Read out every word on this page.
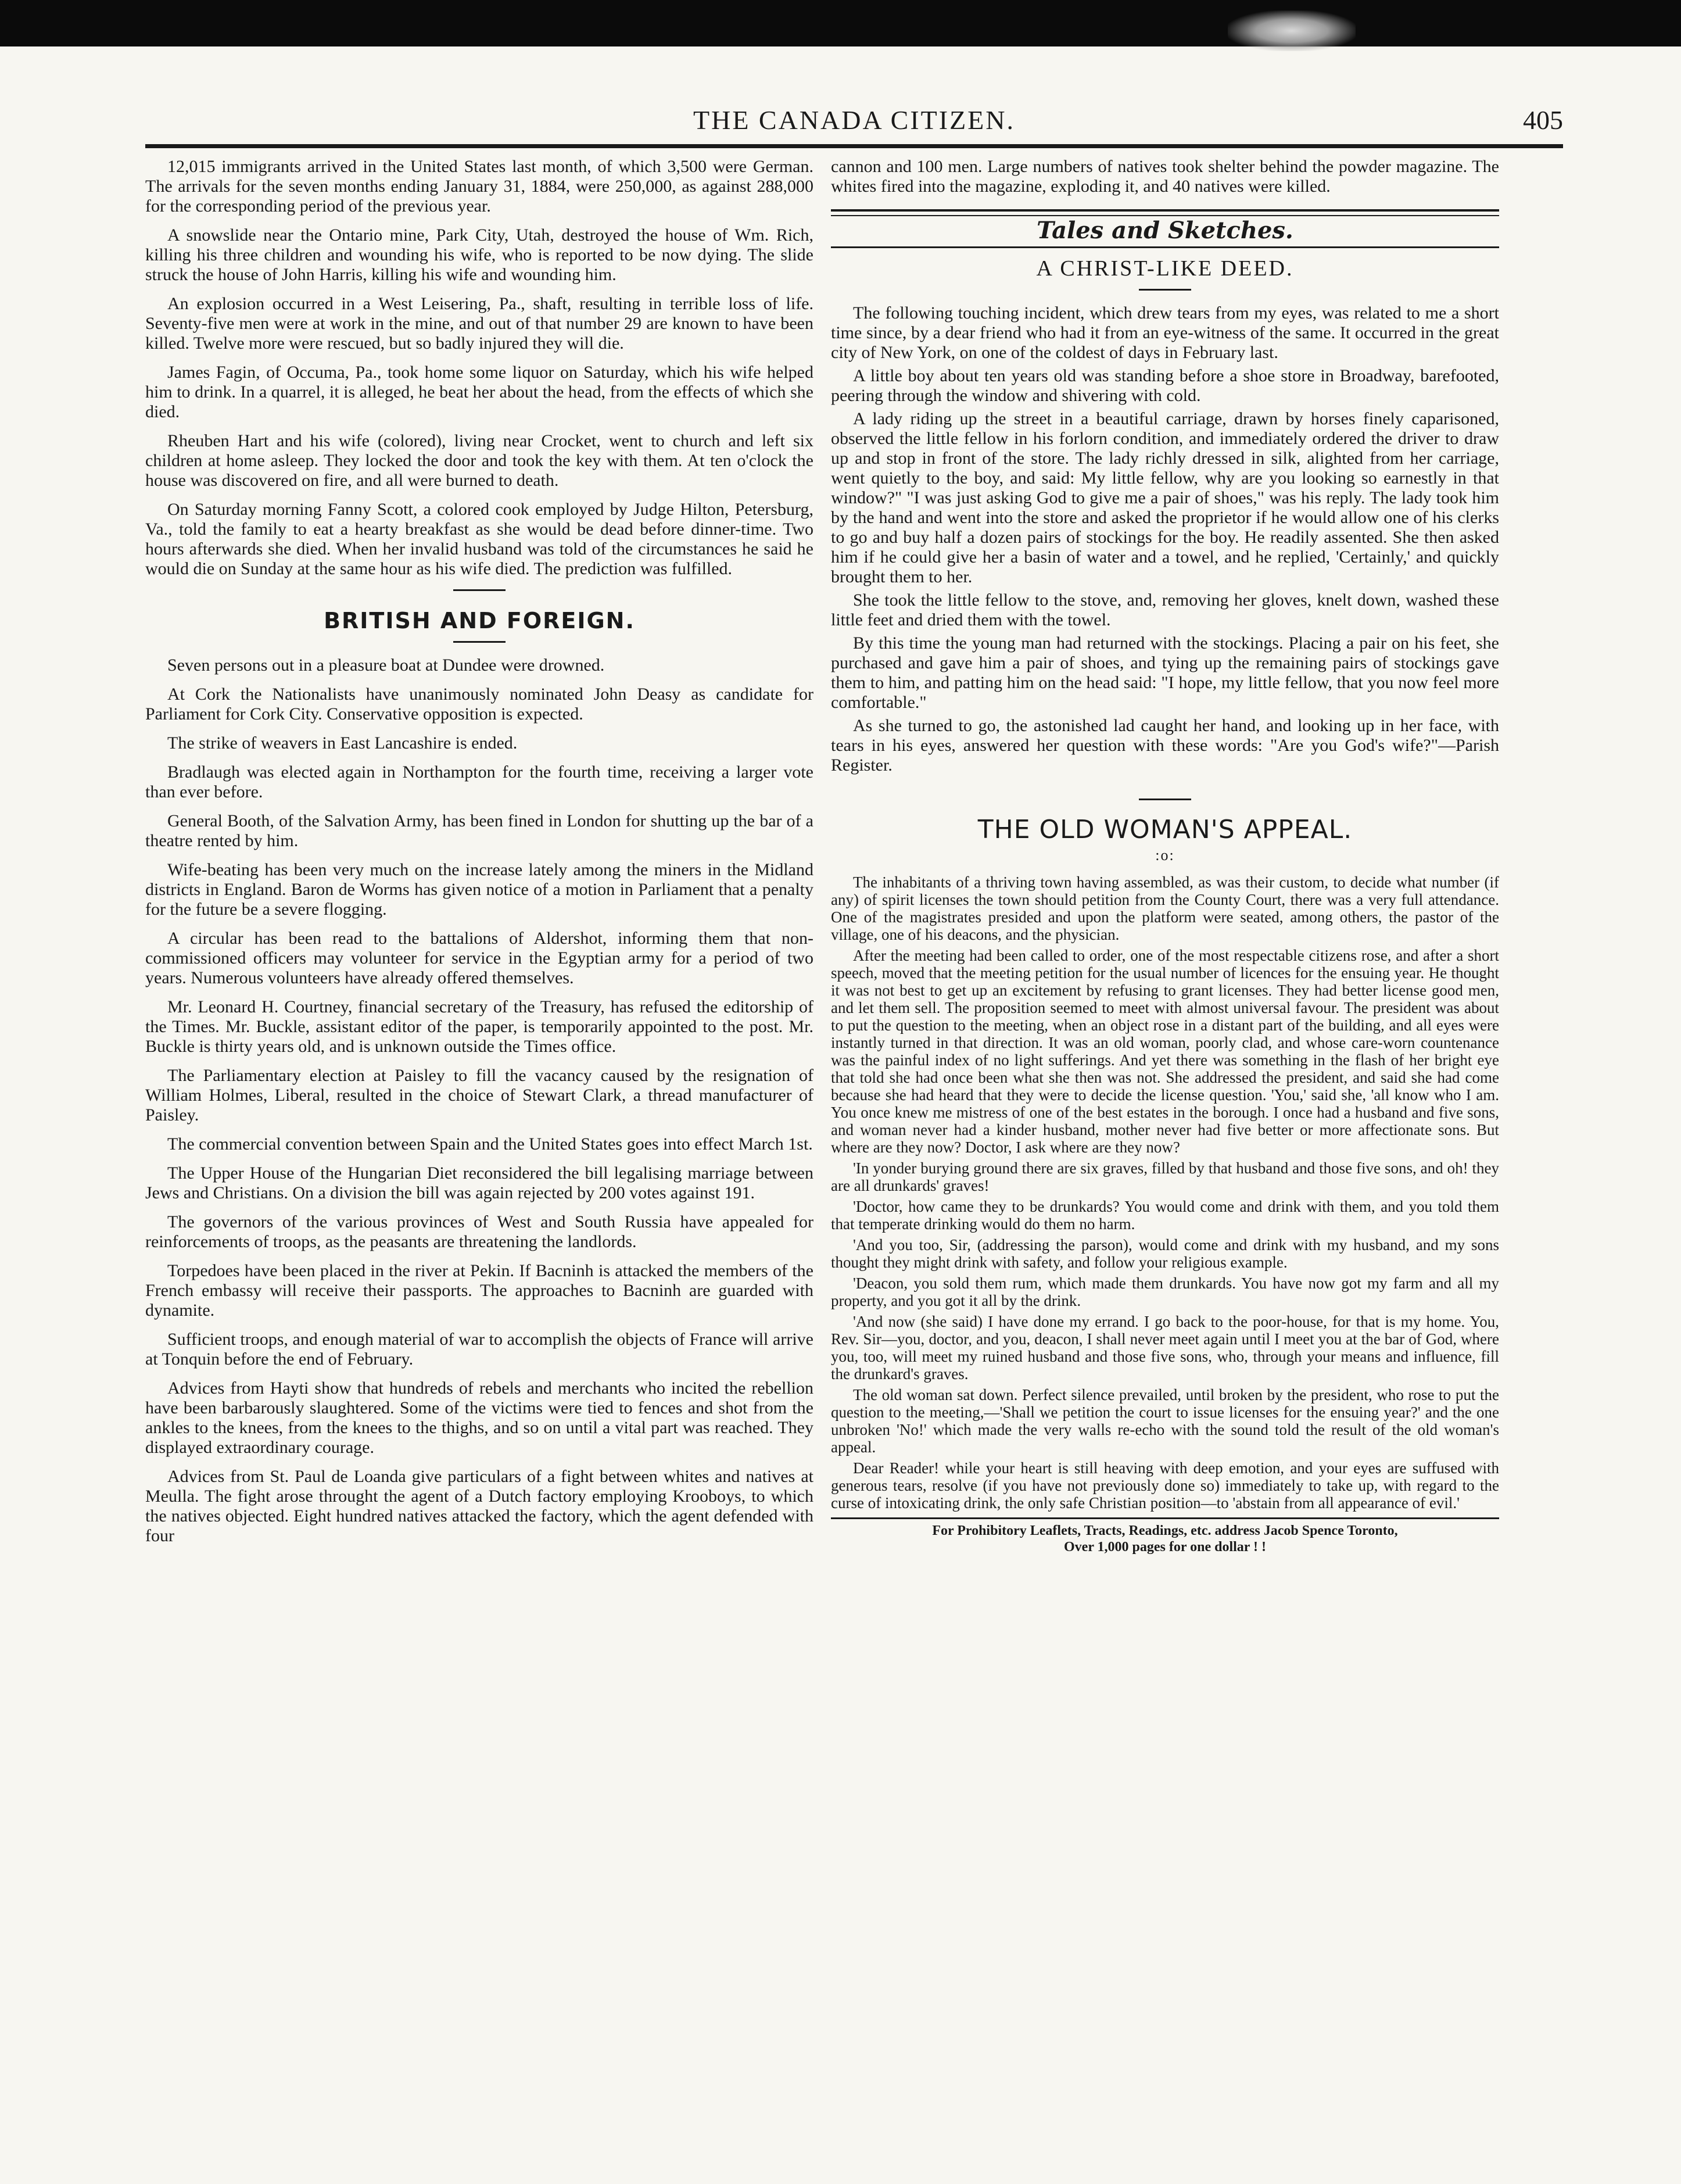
THE CANADA CITIZEN.	405

12,015 immigrants arrived in the United States last month, of which 3,500 were German. The arrivals for the seven months ending January 31, 1884, were 250,000, as against 288,000 for the corresponding period of the previous year.

A snowslide near the Ontario mine, Park City, Utah, destroyed the house of Wm. Rich, killing his three children and wounding his wife, who is reported to be now dying. The slide struck the house of John Harris, killing his wife and wounding him.

An explosion occurred in a West Leisering, Pa., shaft, resulting in terrible loss of life. Seventy-five men were at work in the mine, and out of that number 29 are known to have been killed. Twelve more were rescued, but so badly injured they will die.

James Fagin, of Occuma, Pa., took home some liquor on Saturday, which his wife helped him to drink. In a quarrel, it is alleged, he beat her about the head, from the effects of which she died.

Rheuben Hart and his wife (colored), living near Crocket, went to church and left six children at home asleep. They locked the door and took the key with them. At ten o'clock the house was discovered on fire, and all were burned to death.

On Saturday morning Fanny Scott, a colored cook employed by Judge Hilton, Petersburg, Va., told the family to eat a hearty breakfast as she would be dead before dinner-time. Two hours afterwards she died. When her invalid husband was told of the circumstances he said he would die on Sunday at the same hour as his wife died. The prediction was fulfilled.

BRITISH AND FOREIGN.

Seven persons out in a pleasure boat at Dundee were drowned.

At Cork the Nationalists have unanimously nominated John Deasy as candidate for Parliament for Cork City. Conservative opposition is expected.

The strike of weavers in East Lancashire is ended.

Bradlaugh was elected again in Northampton for the fourth time, receiving a larger vote than ever before.

General Booth, of the Salvation Army, has been fined in London for shutting up the bar of a theatre rented by him.

Wife-beating has been very much on the increase lately among the miners in the Midland districts in England. Baron de Worms has given notice of a motion in Parliament that a penalty for the future be a severe flogging.

A circular has been read to the battalions of Aldershot, informing them that non-commissioned officers may volunteer for service in the Egyptian army for a period of two years. Numerous volunteers have already offered themselves.

Mr. Leonard H. Courtney, financial secretary of the Treasury, has refused the editorship of the Times. Mr. Buckle, assistant editor of the paper, is temporarily appointed to the post. Mr. Buckle is thirty years old, and is unknown outside the Times office.

The Parliamentary election at Paisley to fill the vacancy caused by the resignation of William Holmes, Liberal, resulted in the choice of Stewart Clark, a thread manufacturer of Paisley.

The commercial convention between Spain and the United States goes into effect March 1st.

The Upper House of the Hungarian Diet reconsidered the bill legalising marriage between Jews and Christians. On a division the bill was again rejected by 200 votes against 191.

The governors of the various provinces of West and South Russia have appealed for reinforcements of troops, as the peasants are threatening the landlords.

Torpedoes have been placed in the river at Pekin. If Bacninh is attacked the members of the French embassy will receive their passports. The approaches to Bacninh are guarded with dynamite.

Sufficient troops, and enough material of war to accomplish the objects of France will arrive at Tonquin before the end of February.

Advices from Hayti show that hundreds of rebels and merchants who incited the rebellion have been barbarously slaughtered. Some of the victims were tied to fences and shot from the ankles to the knees, from the knees to the thighs, and so on until a vital part was reached. They displayed extraordinary courage.

Advices from St. Paul de Loanda give particulars of a fight between whites and natives at Meulla. The fight arose throught the agent of a Dutch factory employing Krooboys, to which the natives objected. Eight hundred natives attacked the factory, which the agent defended with four

cannon and 100 men. Large numbers of natives took shelter behind the powder magazine. The whites fired into the magazine, exploding it, and 40 natives were killed.

Tales and Sketches.
A CHRIST-LIKE DEED.

The following touching incident, which drew tears from my eyes, was related to me a short time since, by a dear friend who had it from an eye-witness of the same. It occurred in the great city of New York, on one of the coldest of days in February last.

A little boy about ten years old was standing before a shoe store in Broadway, barefooted, peering through the window and shivering with cold.

A lady riding up the street in a beautiful carriage, drawn by horses finely caparisoned, observed the little fellow in his forlorn condition, and immediately ordered the driver to draw up and stop in front of the store. The lady richly dressed in silk, alighted from her carriage, went quietly to the boy, and said: My little fellow, why are you looking so earnestly in that window?" "I was just asking God to give me a pair of shoes," was his reply. The lady took him by the hand and went into the store and asked the proprietor if he would allow one of his clerks to go and buy half a dozen pairs of stockings for the boy. He readily assented. She then asked him if he could give her a basin of water and a towel, and he replied, 'Certainly,' and quickly brought them to her.

She took the little fellow to the stove, and, removing her gloves, knelt down, washed these little feet and dried them with the towel.

By this time the young man had returned with the stockings. Placing a pair on his feet, she purchased and gave him a pair of shoes, and tying up the remaining pairs of stockings gave them to him, and patting him on the head said: "I hope, my little fellow, that you now feel more comfortable."

As she turned to go, the astonished lad caught her hand, and looking up in her face, with tears in his eyes, answered her question with these words: "Are you God's wife?"—Parish Register.

THE OLD WOMAN'S APPEAL.
:o:

The inhabitants of a thriving town having assembled, as was their custom, to decide what number (if any) of spirit licenses the town should petition from the County Court, there was a very full attendance. One of the magistrates presided and upon the platform were seated, among others, the pastor of the village, one of his deacons, and the physician.

After the meeting had been called to order, one of the most respectable citizens rose, and after a short speech, moved that the meeting petition for the usual number of licences for the ensuing year. He thought it was not best to get up an excitement by refusing to grant licenses. They had better license good men, and let them sell. The proposition seemed to meet with almost universal favour. The president was about to put the question to the meeting, when an object rose in a distant part of the building, and all eyes were instantly turned in that direction. It was an old woman, poorly clad, and whose care-worn countenance was the painful index of no light sufferings. And yet there was something in the flash of her bright eye that told she had once been what she then was not. She addressed the president, and said she had come because she had heard that they were to decide the license question. 'You,' said she, 'all know who I am. You once knew me mistress of one of the best estates in the borough. I once had a husband and five sons, and woman never had a kinder husband, mother never had five better or more affectionate sons. But where are they now? Doctor, I ask where are they now?

'In yonder burying ground there are six graves, filled by that husband and those five sons, and oh! they are all drunkards' graves!

'Doctor, how came they to be drunkards? You would come and drink with them, and you told them that temperate drinking would do them no harm.

'And you too, Sir, (addressing the parson), would come and drink with my husband, and my sons thought they might drink with safety, and follow your religious example.

'Deacon, you sold them rum, which made them drunkards. You have now got my farm and all my property, and you got it all by the drink.

'And now (she said) I have done my errand. I go back to the poor-house, for that is my home. You, Rev. Sir—you, doctor, and you, deacon, I shall never meet again until I meet you at the bar of God, where you, too, will meet my ruined husband and those five sons, who, through your means and influence, fill the drunkard's graves.

The old woman sat down. Perfect silence prevailed, until broken by the president, who rose to put the question to the meeting,—'Shall we petition the court to issue licenses for the ensuing year?' and the one unbroken 'No!' which made the very walls re-echo with the sound told the result of the old woman's appeal.

Dear Reader! while your heart is still heaving with deep emotion, and your eyes are suffused with generous tears, resolve (if you have not previously done so) immediately to take up, with regard to the curse of intoxicating drink, the only safe Christian position—to 'abstain from all appearance of evil.'

For Prohibitory Leaflets, Tracts, Readings, etc. address Jacob Spence Toronto,
Over 1,000 pages for one dollar ! !
